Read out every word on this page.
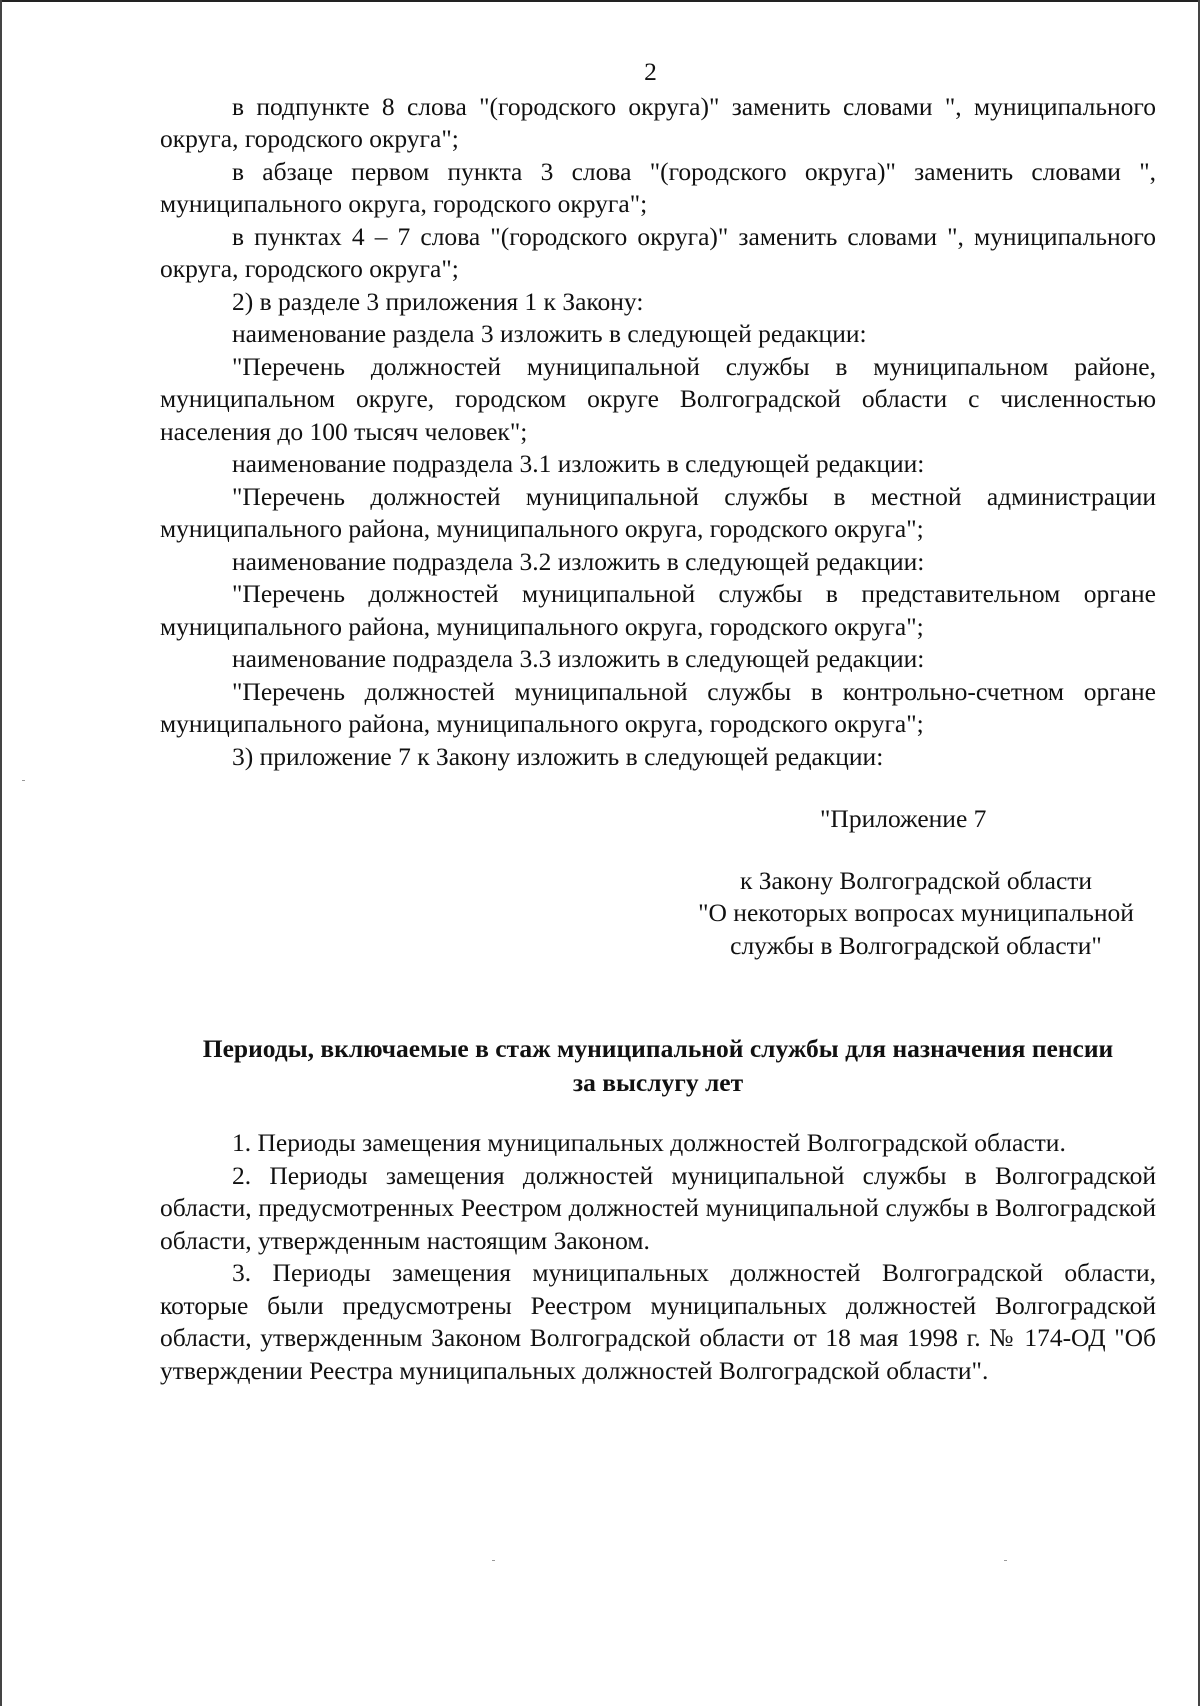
2

в подпункте 8 слова "(городского округа)" заменить словами ", муниципального округа, городского округа";

в абзаце первом пункта 3 слова "(городского округа)" заменить словами ", муниципального округа, городского округа";

в пунктах 4 – 7 слова "(городского округа)" заменить словами ", муниципального округа, городского округа";

2) в разделе 3 приложения 1 к Закону:

наименование раздела 3 изложить в следующей редакции:

"Перечень должностей муниципальной службы в муниципальном районе, муниципальном округе, городском округе Волгоградской области с численностью населения до 100 тысяч человек";

наименование подраздела 3.1 изложить в следующей редакции:

"Перечень должностей муниципальной службы в местной администрации муниципального района, муниципального округа, городского округа";

наименование подраздела 3.2 изложить в следующей редакции:

"Перечень должностей муниципальной службы в представительном органе муниципального района, муниципального округа, городского округа";

наименование подраздела 3.3 изложить в следующей редакции:

"Перечень должностей муниципальной службы в контрольно-счетном органе муниципального района, муниципального округа, городского округа";

3) приложение 7 к Закону изложить в следующей редакции:

"Приложение 7
к Закону Волгоградской области
"О некоторых вопросах муниципальной
службы в Волгоградской области"
Периоды, включаемые в стаж муниципальной службы для назначения пенсии
за выслугу лет

1. Периоды замещения муниципальных должностей Волгоградской области.

2. Периоды замещения должностей муниципальной службы в Волгоградской области, предусмотренных Реестром должностей муниципальной службы в Волгоградской области, утвержденным настоящим Законом.

3. Периоды замещения муниципальных должностей Волгоградской области, которые были предусмотрены Реестром муниципальных должностей Волгоградской области, утвержденным Законом Волгоградской области от 18 мая 1998 г. № 174-ОД "Об утверждении Реестра муниципальных должностей Волгоградской области".
